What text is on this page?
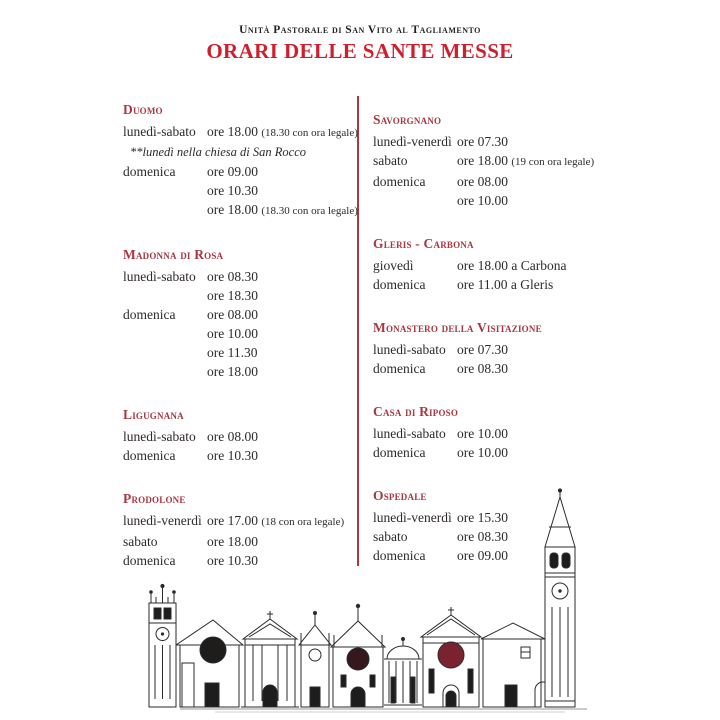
Unità Pastorale di San Vito al Tagliamento
ORARI DELLE SANTE MESSE
Duomo
lunedì-sabato ore 18.00 (18.30 con ora legale)
**lunedì nella chiesa di San Rocco
domenica	ore 09.00
ore 10.30
ore 18.00 (18.30 con ora legale)
Madonna di Rosa
lunedì-sabato ore 08.30
ore 18.30
domenica	ore 08.00
ore 10.00
ore 11.30
ore 18.00
Ligugnana
lunedì-sabato ore 08.00
domenica	ore 10.30
Prodolone
lunedì-venerdì ore 17.00 (18 con ora legale)
sabato	ore 18.00
domenica	ore 10.30
Savorgnano
lunedì-venerdì ore 07.30
sabato	ore 18.00 (19 con ora legale)
domenica	ore 08.00
ore 10.00
Gleris - Carbona
giovedì	ore 18.00 a Carbona
domenica	ore 11.00 a Gleris
Monastero della Visitazione
lunedì-sabato ore 07.30
domenica	ore 08.30
Casa di Riposo
lunedì-sabato ore 10.00
domenica	ore 10.00
Ospedale
lunedì-venerdì ore 15.30
sabato	ore 08.30
domenica	ore 09.00
